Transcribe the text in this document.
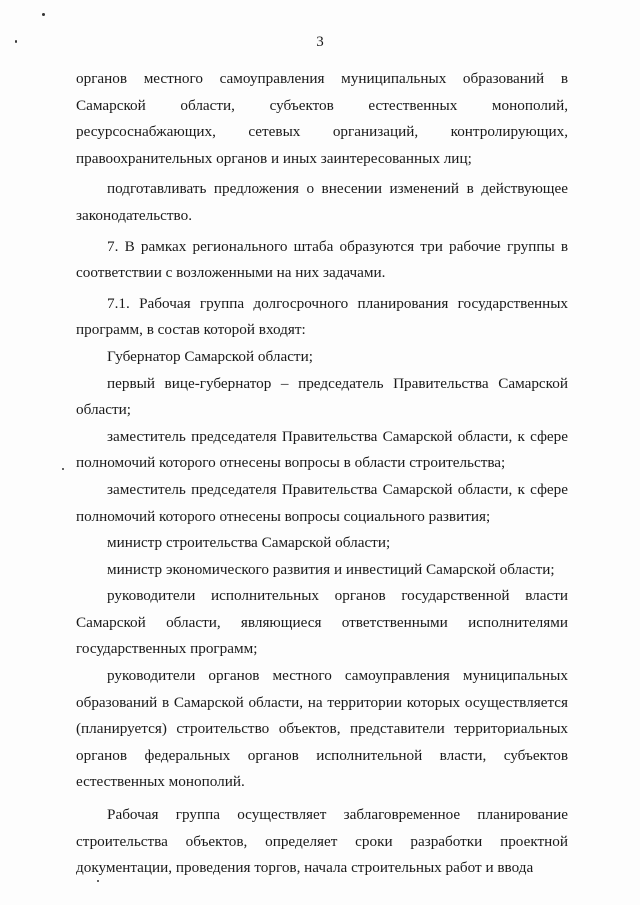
3

органов местного самоуправления муниципальных образований в Самарской области, субъектов естественных монополий, ресурсоснабжающих, сетевых организаций, контролирующих, правоохранительных органов и иных заинтересованных лиц;

подготавливать предложения о внесении изменений в действующее законодательство.

7. В рамках регионального штаба образуются три рабочие группы в соответствии с возложенными на них задачами.

7.1. Рабочая группа долгосрочного планирования государственных программ, в состав которой входят:

Губернатор Самарской области;

первый вице-губернатор – председатель Правительства Самарской области;

заместитель председателя Правительства Самарской области, к сфере полномочий которого отнесены вопросы в области строительства;

заместитель председателя Правительства Самарской области, к сфере полномочий которого отнесены вопросы социального развития;

министр строительства Самарской области;

министр экономического развития и инвестиций Самарской области;

руководители исполнительных органов государственной власти Самарской области, являющиеся ответственными исполнителями государственных программ;

руководители органов местного самоуправления муниципальных образований в Самарской области, на территории которых осуществляется (планируется) строительство объектов, представители территориальных органов федеральных органов исполнительной власти, субъектов естественных монополий.

Рабочая группа осуществляет заблаговременное планирование строительства объектов, определяет сроки разработки проектной документации, проведения торгов, начала строительных работ и ввода
